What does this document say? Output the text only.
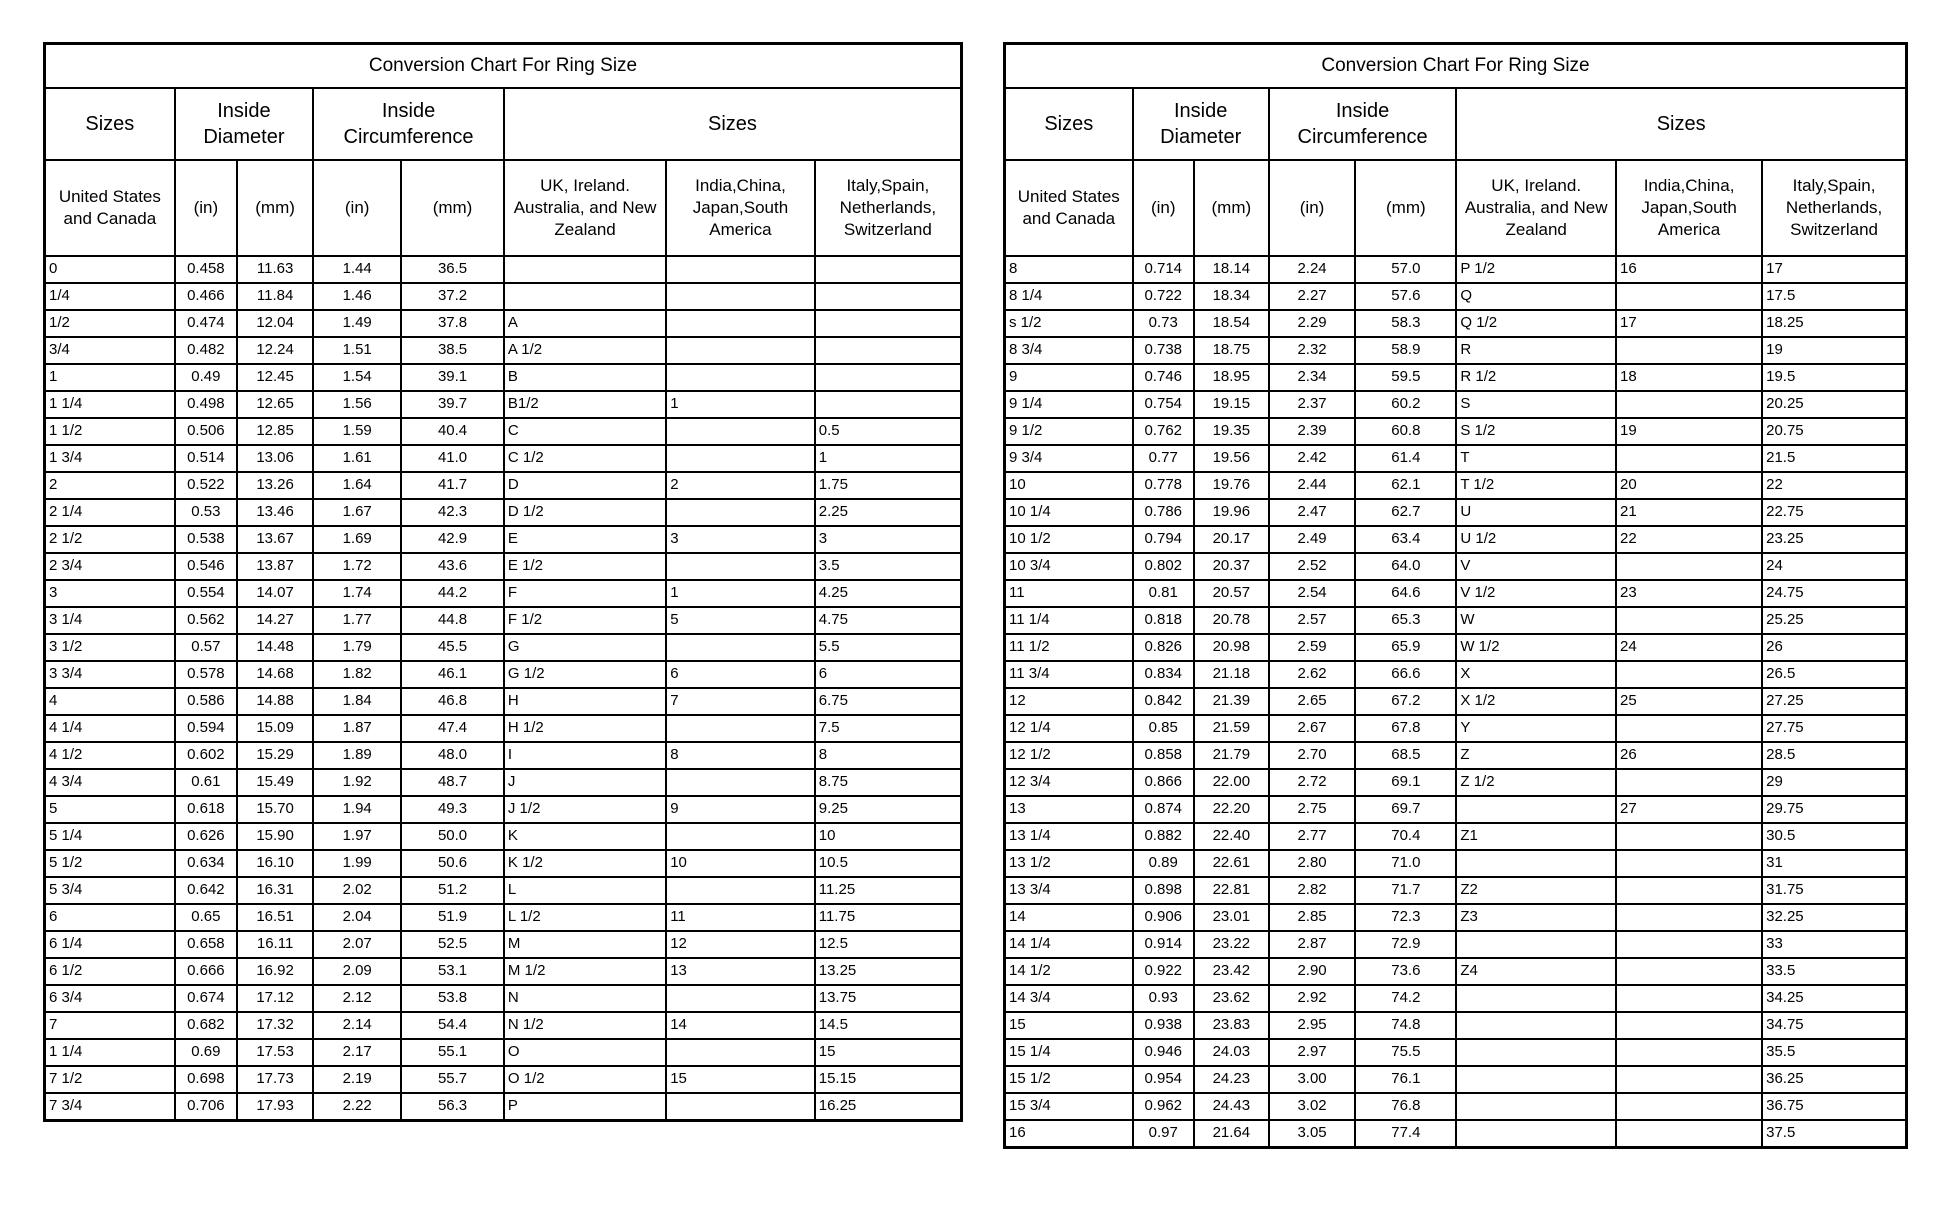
Conversion Chart For Ring Size							
Sizes	Inside Diameter		Inside Circumference		Sizes		
United States and Canada	(in)	(mm)	(in)	(mm)	UK, Ireland. Australia, and New Zealand	India,China, Japan,South America	Italy,Spain, Netherlands, Switzerland
0	0.458	11.63	1.44	36.5			
1/4	0.466	11.84	1.46	37.2			
1/2	0.474	12.04	1.49	37.8	A		
3/4	0.482	12.24	1.51	38.5	A 1/2		
1	0.49	12.45	1.54	39.1	B		
1 1/4	0.498	12.65	1.56	39.7	B1/2	1	
1 1/2	0.506	12.85	1.59	40.4	C		0.5
1 3/4	0.514	13.06	1.61	41.0	C 1/2		1
2	0.522	13.26	1.64	41.7	D	2	1.75
2 1/4	0.53	13.46	1.67	42.3	D 1/2		2.25
2 1/2	0.538	13.67	1.69	42.9	E	3	3
2 3/4	0.546	13.87	1.72	43.6	E 1/2		3.5
3	0.554	14.07	1.74	44.2	F	1	4.25
3 1/4	0.562	14.27	1.77	44.8	F 1/2	5	4.75
3 1/2	0.57	14.48	1.79	45.5	G		5.5
3 3/4	0.578	14.68	1.82	46.1	G 1/2	6	6
4	0.586	14.88	1.84	46.8	H	7	6.75
4 1/4	0.594	15.09	1.87	47.4	H 1/2		7.5
4 1/2	0.602	15.29	1.89	48.0	I	8	8
4 3/4	0.61	15.49	1.92	48.7	J		8.75
5	0.618	15.70	1.94	49.3	J 1/2	9	9.25
5 1/4	0.626	15.90	1.97	50.0	K		10
5 1/2	0.634	16.10	1.99	50.6	K 1/2	10	10.5
5 3/4	0.642	16.31	2.02	51.2	L		11.25
6	0.65	16.51	2.04	51.9	L 1/2	11	11.75
6 1/4	0.658	16.11	2.07	52.5	M	12	12.5
6 1/2	0.666	16.92	2.09	53.1	M 1/2	13	13.25
6 3/4	0.674	17.12	2.12	53.8	N		13.75
7	0.682	17.32	2.14	54.4	N 1/2	14	14.5
1 1/4	0.69	17.53	2.17	55.1	O		15
7 1/2	0.698	17.73	2.19	55.7	O 1/2	15	15.15
7 3/4	0.706	17.93	2.22	56.3	P		16.25
Conversion Chart For Ring Size							
Sizes	Inside Diameter		Inside Circumference		Sizes		
United States and Canada	(in)	(mm)	(in)	(mm)	UK, Ireland. Australia, and New Zealand	India,China, Japan,South America	Italy,Spain, Netherlands, Switzerland
8	0.714	18.14	2.24	57.0	P 1/2	16	17
8 1/4	0.722	18.34	2.27	57.6	Q		17.5
s 1/2	0.73	18.54	2.29	58.3	Q 1/2	17	18.25
8 3/4	0.738	18.75	2.32	58.9	R		19
9	0.746	18.95	2.34	59.5	R 1/2	18	19.5
9 1/4	0.754	19.15	2.37	60.2	S		20.25
9 1/2	0.762	19.35	2.39	60.8	S 1/2	19	20.75
9 3/4	0.77	19.56	2.42	61.4	T		21.5
10	0.778	19.76	2.44	62.1	T 1/2	20	22
10 1/4	0.786	19.96	2.47	62.7	U	21	22.75
10 1/2	0.794	20.17	2.49	63.4	U 1/2	22	23.25
10 3/4	0.802	20.37	2.52	64.0	V		24
11	0.81	20.57	2.54	64.6	V 1/2	23	24.75
11 1/4	0.818	20.78	2.57	65.3	W		25.25
11 1/2	0.826	20.98	2.59	65.9	W 1/2	24	26
11 3/4	0.834	21.18	2.62	66.6	X		26.5
12	0.842	21.39	2.65	67.2	X 1/2	25	27.25
12 1/4	0.85	21.59	2.67	67.8	Y		27.75
12 1/2	0.858	21.79	2.70	68.5	Z	26	28.5
12 3/4	0.866	22.00	2.72	69.1	Z 1/2		29
13	0.874	22.20	2.75	69.7		27	29.75
13 1/4	0.882	22.40	2.77	70.4	Z1		30.5
13 1/2	0.89	22.61	2.80	71.0			31
13 3/4	0.898	22.81	2.82	71.7	Z2		31.75
14	0.906	23.01	2.85	72.3	Z3		32.25
14 1/4	0.914	23.22	2.87	72.9			33
14 1/2	0.922	23.42	2.90	73.6	Z4		33.5
14 3/4	0.93	23.62	2.92	74.2			34.25
15	0.938	23.83	2.95	74.8			34.75
15 1/4	0.946	24.03	2.97	75.5			35.5
15 1/2	0.954	24.23	3.00	76.1			36.25
15 3/4	0.962	24.43	3.02	76.8			36.75
16	0.97	21.64	3.05	77.4			37.5
